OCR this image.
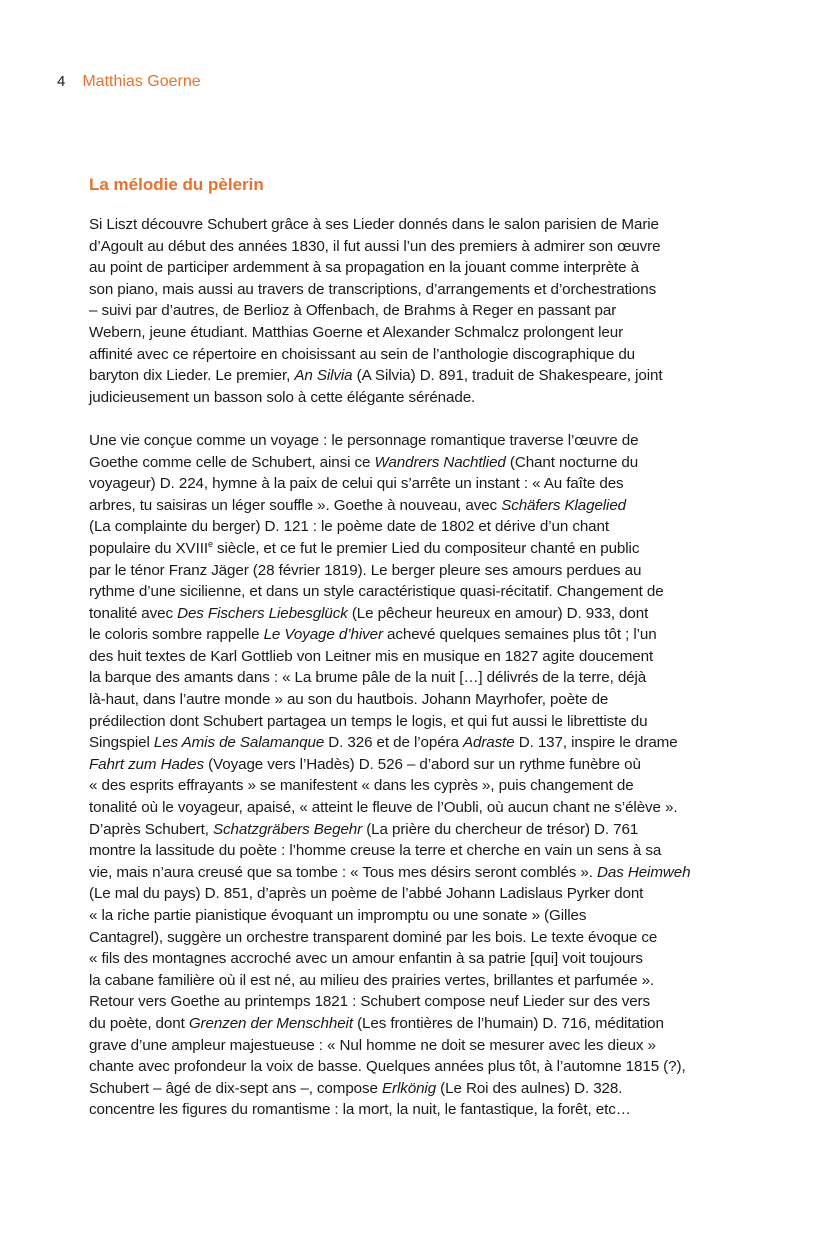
4 Matthias Goerne
La mélodie du pèlerin

Si Liszt découvre Schubert grâce à ses Lieder donnés dans le salon parisien de Marie
d’Agoult au début des années 1830, il fut aussi l’un des premiers à admirer son œuvre
au point de participer ardemment à sa propagation en la jouant comme interprète à
son piano, mais aussi au travers de transcriptions, d’arrangements et d’orchestrations
– suivi par d’autres, de Berlioz à Offenbach, de Brahms à Reger en passant par
Webern, jeune étudiant. Matthias Goerne et Alexander Schmalcz prolongent leur
affinité avec ce répertoire en choisissant au sein de l’anthologie discographique du
baryton dix Lieder. Le premier, An Silvia (A Silvia) D. 891, traduit de Shakespeare, joint
judicieusement un basson solo à cette élégante sérénade.

Une vie conçue comme un voyage : le personnage romantique traverse l’œuvre de
Goethe comme celle de Schubert, ainsi ce Wandrers Nachtlied (Chant nocturne du
voyageur) D. 224, hymne à la paix de celui qui s’arrête un instant : « Au faîte des
arbres, tu saisiras un léger souffle ». Goethe à nouveau, avec Schäfers Klagelied
(La complainte du berger) D. 121 : le poème date de 1802 et dérive d’un chant
populaire du XVIIIe siècle, et ce fut le premier Lied du compositeur chanté en public
par le ténor Franz Jäger (28 février 1819). Le berger pleure ses amours perdues au
rythme d’une sicilienne, et dans un style caractéristique quasi-récitatif. Changement de
tonalité avec Des Fischers Liebesglück (Le pêcheur heureux en amour) D. 933, dont
le coloris sombre rappelle Le Voyage d’hiver achevé quelques semaines plus tôt ; l’un
des huit textes de Karl Gottlieb von Leitner mis en musique en 1827 agite doucement
la barque des amants dans : « La brume pâle de la nuit […] délivrés de la terre, déjà
là-haut, dans l’autre monde » au son du hautbois. Johann Mayrhofer, poète de
prédilection dont Schubert partagea un temps le logis, et qui fut aussi le librettiste du
Singspiel Les Amis de Salamanque D. 326 et de l’opéra Adraste D. 137, inspire le drame
Fahrt zum Hades (Voyage vers l’Hadès) D. 526 – d’abord sur un rythme funèbre où
« des esprits effrayants » se manifestent « dans les cyprès », puis changement de
tonalité où le voyageur, apaisé, « atteint le fleuve de l’Oubli, où aucun chant ne s’élève ».
D’après Schubert, Schatzgräbers Begehr (La prière du chercheur de trésor) D. 761
montre la lassitude du poète : l’homme creuse la terre et cherche en vain un sens à sa
vie, mais n’aura creusé que sa tombe : « Tous mes désirs seront comblés ». Das Heimweh
(Le mal du pays) D. 851, d’après un poème de l’abbé Johann Ladislaus Pyrker dont
« la riche partie pianistique évoquant un impromptu ou une sonate » (Gilles
Cantagrel), suggère un orchestre transparent dominé par les bois. Le texte évoque ce
« fils des montagnes accroché avec un amour enfantin à sa patrie [qui] voit toujours
la cabane familière où il est né, au milieu des prairies vertes, brillantes et parfumée ».
Retour vers Goethe au printemps 1821 : Schubert compose neuf Lieder sur des vers
du poète, dont Grenzen der Menschheit (Les frontières de l’humain) D. 716, méditation
grave d’une ampleur majestueuse : « Nul homme ne doit se mesurer avec les dieux »
chante avec profondeur la voix de basse. Quelques années plus tôt, à l’automne 1815 (?),
Schubert – âgé de dix-sept ans –, compose Erlkönig (Le Roi des aulnes) D. 328.
concentre les figures du romantisme : la mort, la nuit, le fantastique, la forêt, etc…
